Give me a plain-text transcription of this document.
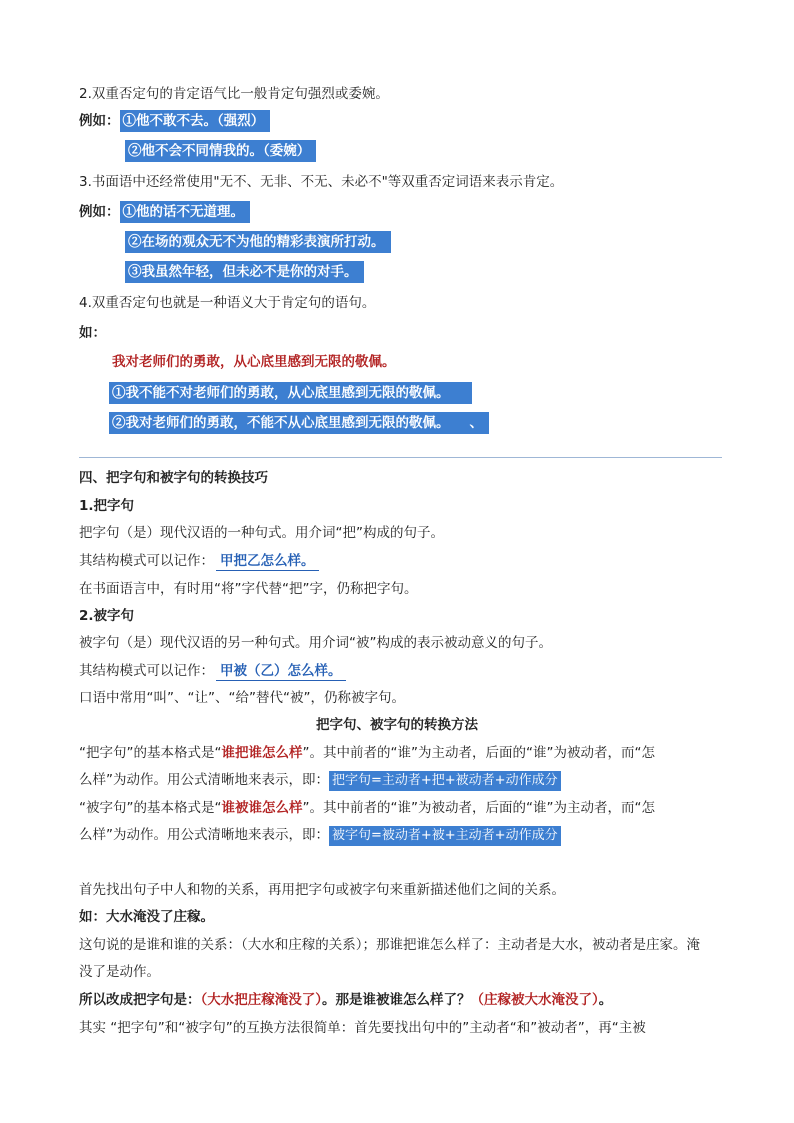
2.双重否定句的肯定语气比一般肯定句强烈或委婉。
例如： ①他不敢不去。（强烈）
②他不会不同情我的。（委婉）
3.书面语中还经常使用"无不、无非、不无、未必不"等双重否定词语来表示肯定。
例如： ①他的话不无道理。
②在场的观众无不为他的精彩表演所打动。
③我虽然年轻，但未必不是你的对手。
4.双重否定句也就是一种语义大于肯定句的语句。
如：
我对老师们的勇敢，从心底里感到无限的敬佩。
①我不能不对老师们的勇敢，从心底里感到无限的敬佩。
②我对老师们的勇敢，不能不从心底里感到无限的敬佩。 、
四、把字句和被字句的转换技巧
1.把字句
把字句（是）现代汉语的一种句式。用介词“把”构成的句子。
其结构模式可以记作： 甲把乙怎么样。
在书面语言中，有时用“将”字代替“把”字，仍称把字句。
2.被字句
被字句（是）现代汉语的另一种句式。用介词“被”构成的表示被动意义的句子。
其结构模式可以记作： 甲被（乙）怎么样。
口语中常用“叫”、“让”、“给”替代“被”，仍称被字句。
把字句、被字句的转换方法
“把字句”的基本格式是“谁把谁怎么样”。其中前者的“谁”为主动者，后面的“谁”为被动者，而“怎
么样”为动作。用公式清晰地来表示，即： 把字句=主动者+把+被动者+动作成分
“被字句”的基本格式是“谁被谁怎么样”。其中前者的“谁”为被动者，后面的“谁”为主动者，而“怎
么样”为动作。用公式清晰地来表示，即： 被字句=被动者+被+主动者+动作成分
首先找出句子中人和物的关系，再用把字句或被字句来重新描述他们之间的关系。
如：大水淹没了庄稼。
这句说的是谁和谁的关系：（大水和庄稼的关系）；那谁把谁怎么样了：主动者是大水，被动者是庄家。淹
没了是动作。
所以改成把字句是：（大水把庄稼淹没了）。那是谁被谁怎么样了？（庄稼被大水淹没了）。
其实 “把字句”和“被字句”的互换方法很简单：首先要找出句中的”主动者“和”被动者”，再“主被
